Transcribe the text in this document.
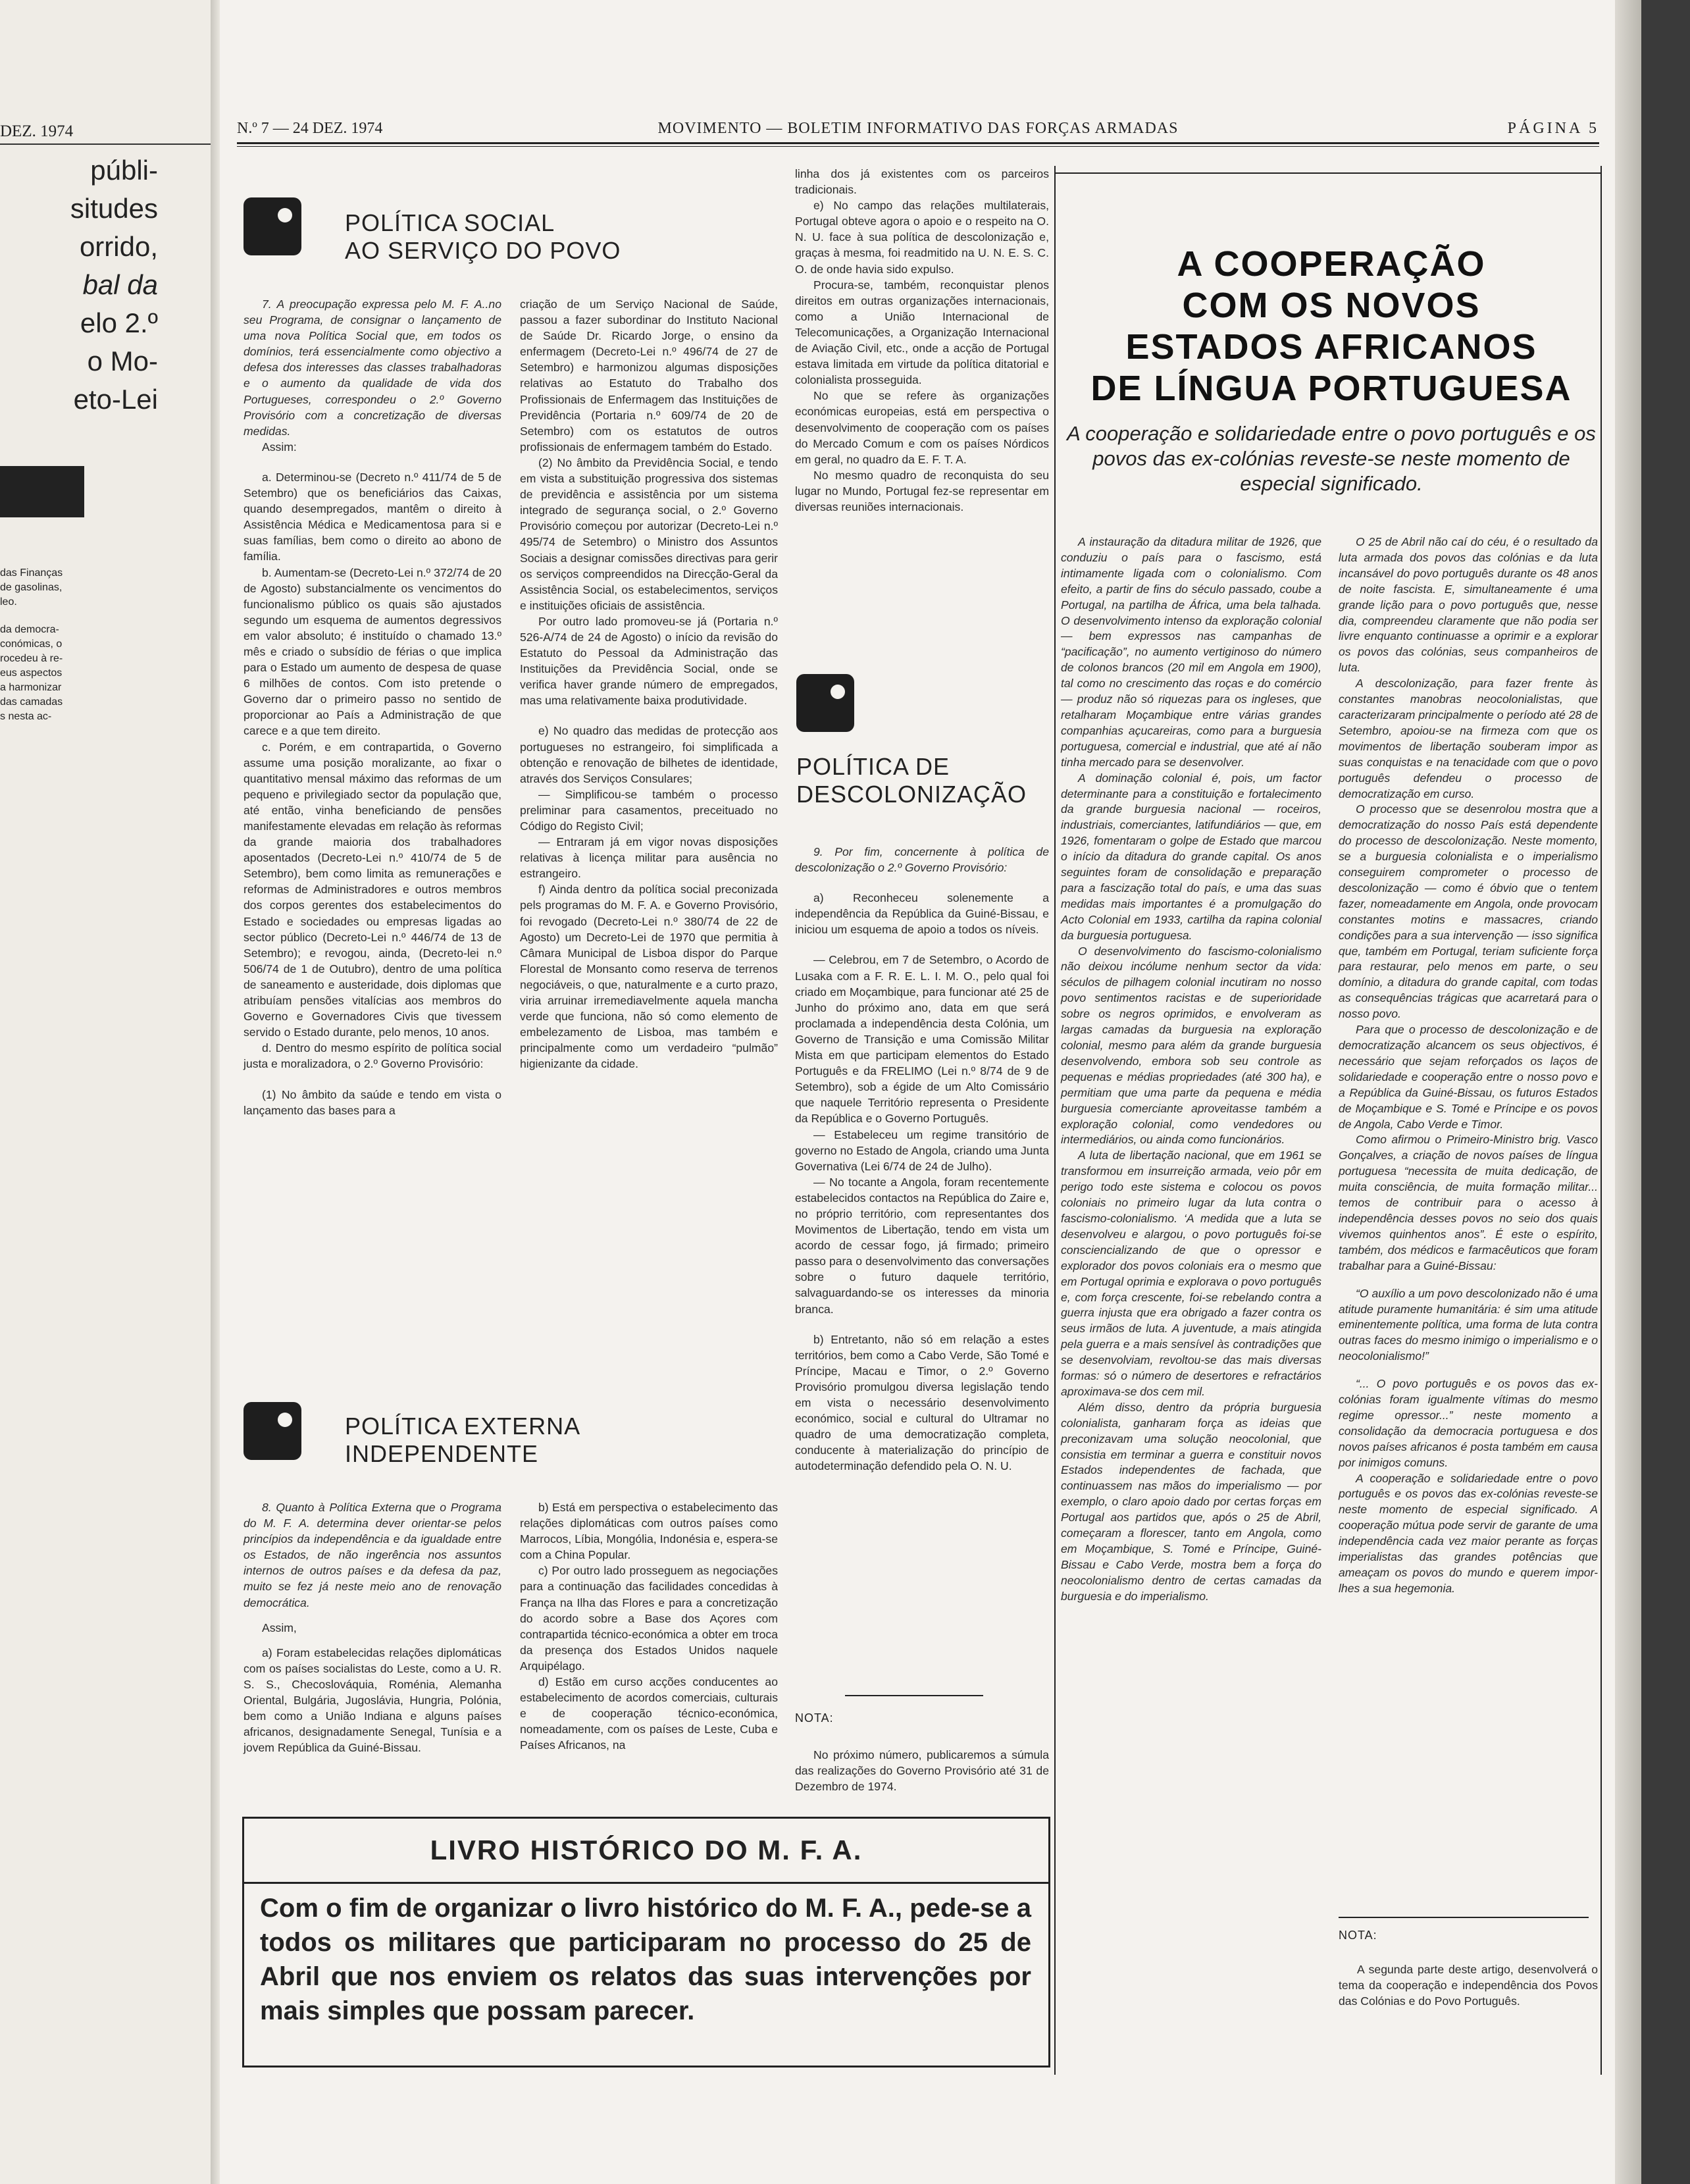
DEZ. 1974
públi-
situdes
orrido,
bal da
elo 2.º
o Mo-
eto-Lei
das Finanças
de gasolinas,
leo.
da democra-
conómicas, o
rocedeu à re-
eus aspectos
a harmonizar
das camadas
s nesta ac-
N.º 7 — 24 DEZ. 1974	MOVIMENTO — BOLETIM INFORMATIVO DAS FORÇAS ARMADAS	PÁGINA 5
POLÍTICA SOCIAL
AO SERVIÇO DO POVO

7. A preocupação expressa pelo M. F. A..no seu Programa, de consignar o lançamento de uma nova Política Social que, em todos os domínios, terá essencialmente como objectivo a defesa dos interesses das classes trabalhadoras e o aumento da qualidade de vida dos Portugueses, correspondeu o 2.º Governo Provisório com a concretização de diversas medidas.

Assim:

a. Determinou-se (Decreto n.º 411/74 de 5 de Setembro) que os beneficiários das Caixas, quando desempregados, mantêm o direito à Assistência Médica e Medicamentosa para si e suas famílias, bem como o direito ao abono de família.

b. Aumentam-se (Decreto-Lei n.º 372/74 de 20 de Agosto) substancialmente os vencimentos do funcionalismo público os quais são ajustados segundo um esquema de aumentos degressivos em valor absoluto; é instituído o chamado 13.º mês e criado o subsídio de férias o que implica para o Estado um aumento de despesa de quase 6 milhões de contos. Com isto pretende o Governo dar o primeiro passo no sentido de proporcionar ao País a Administração de que carece e a que tem direito.

c. Porém, e em contrapartida, o Governo assume uma posição moralizante, ao fixar o quantitativo mensal máximo das reformas de um pequeno e privilegiado sector da população que, até então, vinha beneficiando de pensões manifestamente elevadas em relação às reformas da grande maioria dos trabalhadores aposentados (Decreto-Lei n.º 410/74 de 5 de Setembro), bem como limita as remunerações e reformas de Administradores e outros membros dos corpos gerentes dos estabelecimentos do Estado e sociedades ou empresas ligadas ao sector público (Decreto-Lei n.º 446/74 de 13 de Setembro); e revogou, ainda, (Decreto-lei n.º 506/74 de 1 de Outubro), dentro de uma política de saneamento e austeridade, dois diplomas que atribuíam pensões vitalícias aos membros do Governo e Governadores Civis que tivessem servido o Estado durante, pelo menos, 10 anos.

d. Dentro do mesmo espírito de política social justa e moralizadora, o 2.º Governo Provisório:

(1) No âmbito da saúde e tendo em vista o lançamento das bases para a

criação de um Serviço Nacional de Saúde, passou a fazer subordinar do Instituto Nacional de Saúde Dr. Ricardo Jorge, o ensino da enfermagem (Decreto-Lei n.º 496/74 de 27 de Setembro) e harmonizou algumas disposições relativas ao Estatuto do Trabalho dos Profissionais de Enfermagem das Instituições de Previdência (Portaria n.º 609/74 de 20 de Setembro) com os estatutos de outros profissionais de enfermagem também do Estado.

(2) No âmbito da Previdência Social, e tendo em vista a substituição progressiva dos sistemas de previdência e assistência por um sistema integrado de segurança social, o 2.º Governo Provisório começou por autorizar (Decreto-Lei n.º 495/74 de Setembro) o Ministro dos Assuntos Sociais a designar comissões directivas para gerir os serviços compreendidos na Direcção-Geral da Assistência Social, os estabelecimentos, serviços e instituições oficiais de assistência.

Por outro lado promoveu-se já (Portaria n.º 526-A/74 de 24 de Agosto) o início da revisão do Estatuto do Pessoal da Administração das Instituições da Previdência Social, onde se verifica haver grande número de empregados, mas uma relativamente baixa produtividade.

e) No quadro das medidas de protecção aos portugueses no estrangeiro, foi simplificada a obtenção e renovação de bilhetes de identidade, através dos Serviços Consulares;

— Simplificou-se também o processo preliminar para casamentos, preceituado no Código do Registo Civil;

— Entraram já em vigor novas disposições relativas à licença militar para ausência no estrangeiro.

f) Ainda dentro da política social preconizada pels programas do M. F. A. e Governo Provisório, foi revogado (Decreto-Lei n.º 380/74 de 22 de Agosto) um Decreto-Lei de 1970 que permitia à Câmara Municipal de Lisboa dispor do Parque Florestal de Monsanto como reserva de terrenos negociáveis, o que, naturalmente e a curto prazo, viria arruinar irremediavelmente aquela mancha verde que funciona, não só como elemento de embelezamento de Lisboa, mas também e principalmente como um verdadeiro “pulmão” higienizante da cidade.

POLÍTICA EXTERNA
INDEPENDENTE

8. Quanto à Política Externa que o Programa do M. F. A. determina dever orientar-se pelos princípios da independência e da igualdade entre os Estados, de não ingerência nos assuntos internos de outros países e da defesa da paz, muito se fez já neste meio ano de renovação democrática.

Assim,

a) Foram estabelecidas relações diplomáticas com os países socialistas do Leste, como a U. R. S. S., Checoslováquia, Roménia, Alemanha Oriental, Bulgária, Jugoslávia, Hungria, Polónia, bem como a União Indiana e alguns países africanos, designadamente Senegal, Tunísia e a jovem República da Guiné-Bissau.

b) Está em perspectiva o estabelecimento das relações diplomáticas com outros países como Marrocos, Líbia, Mongólia, Indonésia e, espera-se com a China Popular.

c) Por outro lado prosseguem as negociações para a continuação das facilidades concedidas à França na Ilha das Flores e para a concretização do acordo sobre a Base dos Açores com contrapartida técnico-económica a obter em troca da presença dos Estados Unidos naquele Arquipélago.

d) Estão em curso acções conducentes ao estabelecimento de acordos comerciais, culturais e de cooperação técnico-económica, nomeadamente, com os países de Leste, Cuba e Países Africanos, na

linha dos já existentes com os parceiros tradicionais.

e) No campo das relações multilaterais, Portugal obteve agora o apoio e o respeito na O. N. U. face à sua política de descolonização e, graças à mesma, foi readmitido na U. N. E. S. C. O. de onde havia sido expulso.

Procura-se, também, reconquistar plenos direitos em outras organizações internacionais, como a União Internacional de Telecomunicações, a Organização Internacional de Aviação Civil, etc., onde a acção de Portugal estava limitada em virtude da política ditatorial e colonialista prosseguida.

No que se refere às organizações económicas europeias, está em perspectiva o desenvolvimento de cooperação com os países do Mercado Comum e com os países Nórdicos em geral, no quadro da E. F. T. A.

No mesmo quadro de reconquista do seu lugar no Mundo, Portugal fez-se representar em diversas reuniões internacionais.

POLÍTICA DE
DESCOLONIZAÇÃO

9. Por fim, concernente à política de descolonização o 2.º Governo Provisório:

a) Reconheceu solenemente a independência da República da Guiné-Bissau, e iniciou um esquema de apoio a todos os níveis.

— Celebrou, em 7 de Setembro, o Acordo de Lusaka com a F. R. E. L. I. M. O., pelo qual foi criado em Moçambique, para funcionar até 25 de Junho do próximo ano, data em que será proclamada a independência desta Colónia, um Governo de Transição e uma Comissão Militar Mista em que participam elementos do Estado Português e da FRELIMO (Lei n.º 8/74 de 9 de Setembro), sob a égide de um Alto Comissário que naquele Território representa o Presidente da República e o Governo Português.

— Estabeleceu um regime transitório de governo no Estado de Angola, criando uma Junta Governativa (Lei 6/74 de 24 de Julho).

— No tocante a Angola, foram recentemente estabelecidos contactos na República do Zaire e, no próprio território, com representantes dos Movimentos de Libertação, tendo em vista um acordo de cessar fogo, já firmado; primeiro passo para o desenvolvimento das conversações sobre o futuro daquele território, salvaguardando-se os interesses da minoria branca.

b) Entretanto, não só em relação a estes territórios, bem como a Cabo Verde, São Tomé e Príncipe, Macau e Timor, o 2.º Governo Provisório promulgou diversa legislação tendo em vista o necessário desenvolvimento económico, social e cultural do Ultramar no quadro de uma democratização completa, conducente à materialização do princípio de autodeterminação defendido pela O. N. U.

NOTA:

No próximo número, publicaremos a súmula das realizações do Governo Provisório até 31 de Dezembro de 1974.

LIVRO HISTÓRICO DO M. F. A.
Com o fim de organizar o livro histórico do M. F. A., pede-se a todos os militares que participaram no processo do 25 de Abril que nos enviem os relatos das suas intervenções por mais simples que possam parecer.
A COOPERAÇÃO
COM OS NOVOS
ESTADOS AFRICANOS
DE LÍNGUA PORTUGUESA
A cooperação e solidariedade entre o povo português e os povos das ex-colónias reveste-se neste momento de especial significado.

A instauração da ditadura militar de 1926, que conduziu o país para o fascismo, está intimamente ligada com o colonialismo. Com efeito, a partir de fins do século passado, coube a Portugal, na partilha de África, uma bela talhada. O desenvolvimento intenso da exploração colonial — bem expressos nas campanhas de “pacificação”, no aumento vertiginoso do número de colonos brancos (20 mil em Angola em 1900), tal como no crescimento das roças e do comércio — produz não só riquezas para os ingleses, que retalharam Moçambique entre várias grandes companhias açucareiras, como para a burguesia portuguesa, comercial e industrial, que até aí não tinha mercado para se desenvolver.

A dominação colonial é, pois, um factor determinante para a constituição e fortalecimento da grande burguesia nacional — roceiros, industriais, comerciantes, latifundiários — que, em 1926, fomentaram o golpe de Estado que marcou o início da ditadura do grande capital. Os anos seguintes foram de consolidação e preparação para a fascização total do país, e uma das suas medidas mais importantes é a promulgação do Acto Colonial em 1933, cartilha da rapina colonial da burguesia portuguesa.

O desenvolvimento do fascismo-colonialismo não deixou incólume nenhum sector da vida: séculos de pilhagem colonial incutiram no nosso povo sentimentos racistas e de superioridade sobre os negros oprimidos, e envolveram as largas camadas da burguesia na exploração colonial, mesmo para além da grande burguesia desenvolvendo, embora sob seu controle as pequenas e médias propriedades (até 300 ha), e permitiam que uma parte da pequena e média burguesia comerciante aproveitasse também a exploração colonial, como vendedores ou intermediários, ou ainda como funcionários.

A luta de libertação nacional, que em 1961 se transformou em insurreição armada, veio pôr em perigo todo este sistema e colocou os povos coloniais no primeiro lugar da luta contra o fascismo-colonialismo. ‘A medida que a luta se desenvolveu e alargou, o povo português foi-se consciencializando de que o opressor e explorador dos povos coloniais era o mesmo que em Portugal oprimia e explorava o povo português e, com força crescente, foi-se rebelando contra a guerra injusta que era obrigado a fazer contra os seus irmãos de luta. A juventude, a mais atingida pela guerra e a mais sensível às contradições que se desenvolviam, revoltou-se das mais diversas formas: só o número de desertores e refractários aproximava-se dos cem mil.

Além disso, dentro da própria burguesia colonialista, ganharam força as ideias que preconizavam uma solução neocolonial, que consistia em terminar a guerra e constituir novos Estados independentes de fachada, que continuassem nas mãos do imperialismo — por exemplo, o claro apoio dado por certas forças em Portugal aos partidos que, após o 25 de Abril, começaram a florescer, tanto em Angola, como em Moçambique, S. Tomé e Príncipe, Guiné-Bissau e Cabo Verde, mostra bem a força do neocolonialismo dentro de certas camadas da burguesia e do imperialismo.

O 25 de Abril não caí do céu, é o resultado da luta armada dos povos das colónias e da luta incansável do povo português durante os 48 anos de noite fascista. E, simultaneamente é uma grande lição para o povo português que, nesse dia, compreendeu claramente que não podia ser livre enquanto continuasse a oprimir e a explorar os povos das colónias, seus companheiros de luta.

A descolonização, para fazer frente às constantes manobras neocolonialistas, que caracterizaram principalmente o período até 28 de Setembro, apoiou-se na firmeza com que os movimentos de libertação souberam impor as suas conquistas e na tenacidade com que o povo português defendeu o processo de democratização em curso.

O processo que se desenrolou mostra que a democratização do nosso País está dependente do processo de descolonização. Neste momento, se a burguesia colonialista e o imperialismo conseguirem comprometer o processo de descolonização — como é óbvio que o tentem fazer, nomeadamente em Angola, onde provocam constantes motins e massacres, criando condições para a sua intervenção — isso significa que, também em Portugal, teriam suficiente força para restaurar, pelo menos em parte, o seu domínio, a ditadura do grande capital, com todas as consequências trágicas que acarretará para o nosso povo.

Para que o processo de descolonização e de democratização alcancem os seus objectivos, é necessário que sejam reforçados os laços de solidariedade e cooperação entre o nosso povo e a República da Guiné-Bissau, os futuros Estados de Moçambique e S. Tomé e Príncipe e os povos de Angola, Cabo Verde e Timor.

Como afirmou o Primeiro-Ministro brig. Vasco Gonçalves, a criação de novos países de língua portuguesa “necessita de muita dedicação, de muita consciência, de muita formação militar... temos de contribuir para o acesso à independência desses povos no seio dos quais vivemos quinhentos anos”. É este o espírito, também, dos médicos e farmacêuticos que foram trabalhar para a Guiné-Bissau:

“O auxílio a um povo descolonizado não é uma atitude puramente humanitária: é sim uma atitude eminentemente política, uma forma de luta contra outras faces do mesmo inimigo o imperialismo e o neocolonialismo!”

“... O povo português e os povos das ex-colónias foram igualmente vítimas do mesmo regime opressor...” neste momento a consolidação da democracia portuguesa e dos novos países africanos é posta também em causa por inimigos comuns.

A cooperação e solidariedade entre o povo português e os povos das ex-colónias reveste-se neste momento de especial significado. A cooperação mútua pode servir de garante de uma independência cada vez maior perante as forças imperialistas das grandes potências que ameaçam os povos do mundo e querem impor-lhes a sua hegemonia.

NOTA:

A segunda parte deste artigo, desenvolverá o tema da cooperação e independência dos Povos das Colónias e do Povo Português.
